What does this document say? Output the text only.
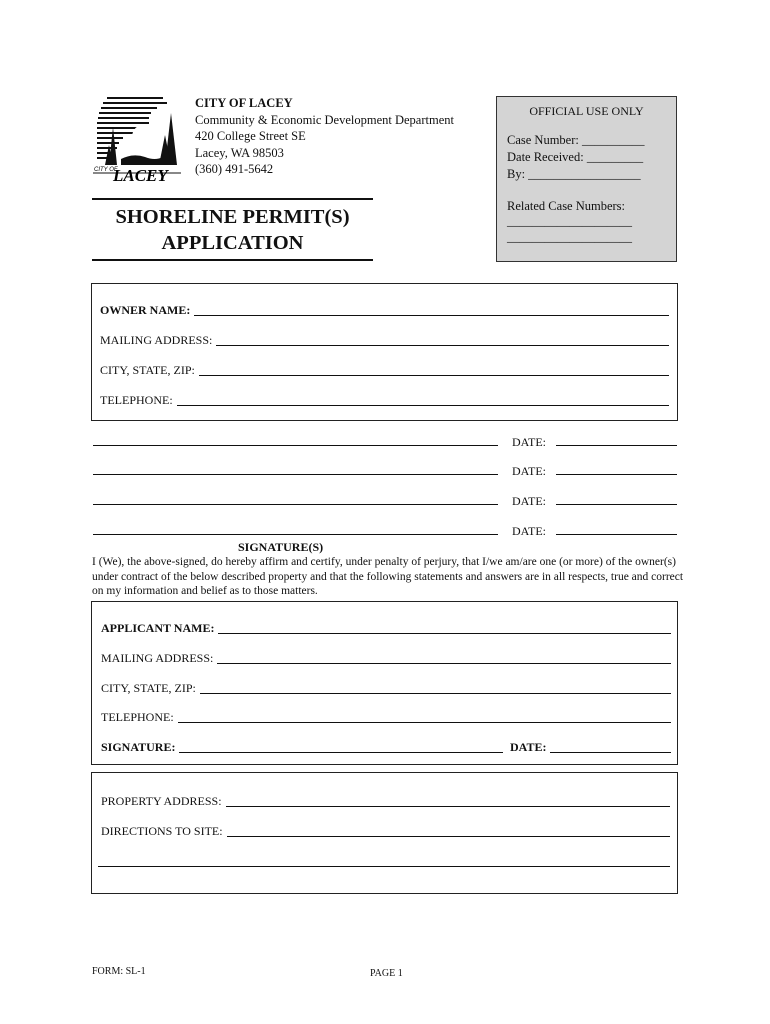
CITY OF
LACEY
CITY OF LACEY
Community & Economic Development Department
420 College Street SE
Lacey, WA 98503
(360) 491-5642
SHORELINE PERMIT(S)
APPLICATION
OFFICIAL USE ONLY
Case Number: __________
Date Received: _________
By: __________________
Related Case Numbers:
____________________
____________________
OWNER NAME:
MAILING ADDRESS:
CITY, STATE, ZIP:
TELEPHONE:
DATE:
DATE:
DATE:
DATE:
SIGNATURE(S)
I (We), the above-signed, do hereby affirm and certify, under penalty of perjury, that I/we am/are one (or more) of the owner(s) under contract of the below described property and that the following statements and answers are in all respects, true and correct on my information and belief as to those matters.
APPLICANT NAME:
MAILING ADDRESS:
CITY, STATE, ZIP:
TELEPHONE:
SIGNATURE:	DATE:
PROPERTY ADDRESS:
DIRECTIONS TO SITE:
FORM: SL-1	PAGE 1
